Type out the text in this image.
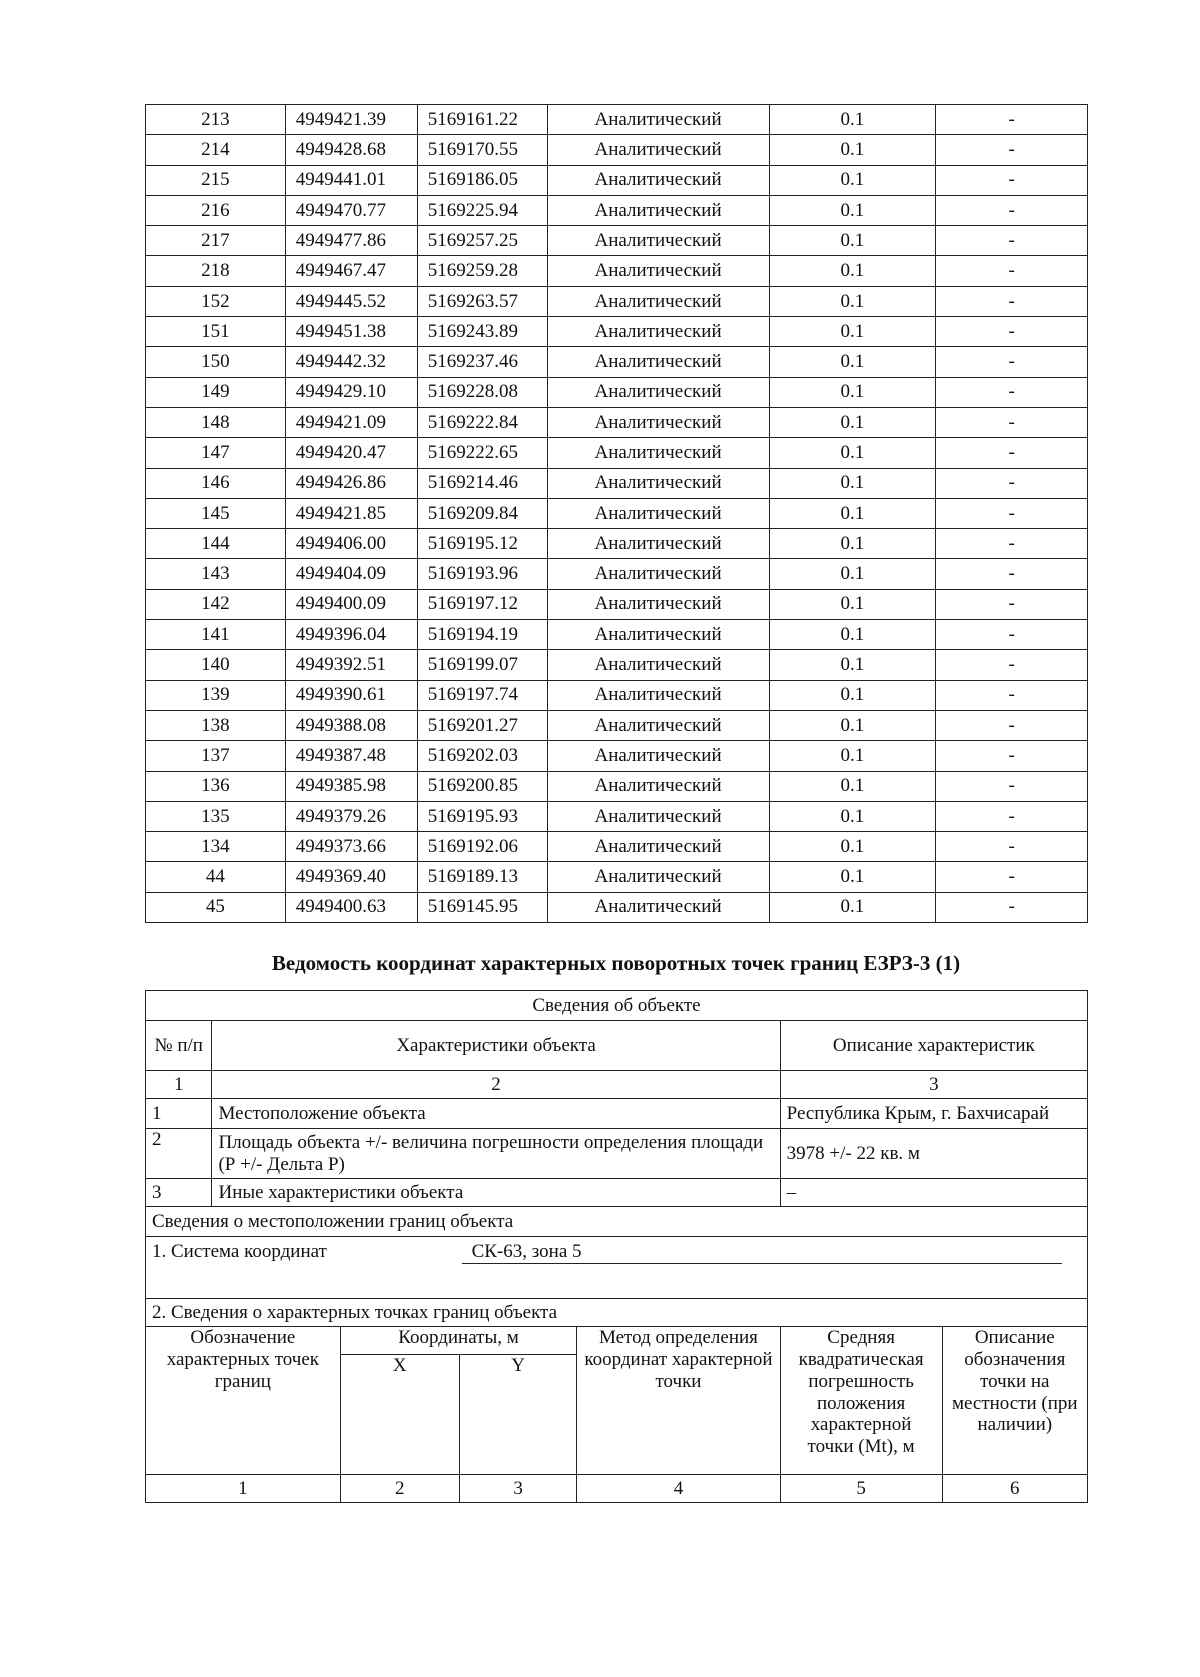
213	4949421.39	5169161.22	Аналитический	0.1	-
214	4949428.68	5169170.55	Аналитический	0.1	-
215	4949441.01	5169186.05	Аналитический	0.1	-
216	4949470.77	5169225.94	Аналитический	0.1	-
217	4949477.86	5169257.25	Аналитический	0.1	-
218	4949467.47	5169259.28	Аналитический	0.1	-
152	4949445.52	5169263.57	Аналитический	0.1	-
151	4949451.38	5169243.89	Аналитический	0.1	-
150	4949442.32	5169237.46	Аналитический	0.1	-
149	4949429.10	5169228.08	Аналитический	0.1	-
148	4949421.09	5169222.84	Аналитический	0.1	-
147	4949420.47	5169222.65	Аналитический	0.1	-
146	4949426.86	5169214.46	Аналитический	0.1	-
145	4949421.85	5169209.84	Аналитический	0.1	-
144	4949406.00	5169195.12	Аналитический	0.1	-
143	4949404.09	5169193.96	Аналитический	0.1	-
142	4949400.09	5169197.12	Аналитический	0.1	-
141	4949396.04	5169194.19	Аналитический	0.1	-
140	4949392.51	5169199.07	Аналитический	0.1	-
139	4949390.61	5169197.74	Аналитический	0.1	-
138	4949388.08	5169201.27	Аналитический	0.1	-
137	4949387.48	5169202.03	Аналитический	0.1	-
136	4949385.98	5169200.85	Аналитический	0.1	-
135	4949379.26	5169195.93	Аналитический	0.1	-
134	4949373.66	5169192.06	Аналитический	0.1	-
44	4949369.40	5169189.13	Аналитический	0.1	-
45	4949400.63	5169145.95	Аналитический	0.1	-
Ведомость координат характерных поворотных точек границ ЕЗРЗ-3 (1)
Сведения об объекте						
№ п/п	Характеристики объекта				Описание характеристик	
1	2				3	
1	Местоположение объекта				Республика Крым, г. Бахчисарай	
2	Площадь объекта +/- величина погрешности определения площади (Р +/- Дельта Р)				3978 +/- 22 кв. м	
3	Иные характеристики объекта				–	
Сведения о местоположении границ объекта						
1. Система координат СК-63, зона 5						

2. Сведения о характерных точках границ объекта						
Обозначение характерных точек границ		Координаты, м		Метод определения координат характерной точки	Средняя квадратическая погрешность положения характерной точки (Mt), м	Описание обозначения точки на местности (при наличии)
		X	Y			
1		2	3	4	5	6
